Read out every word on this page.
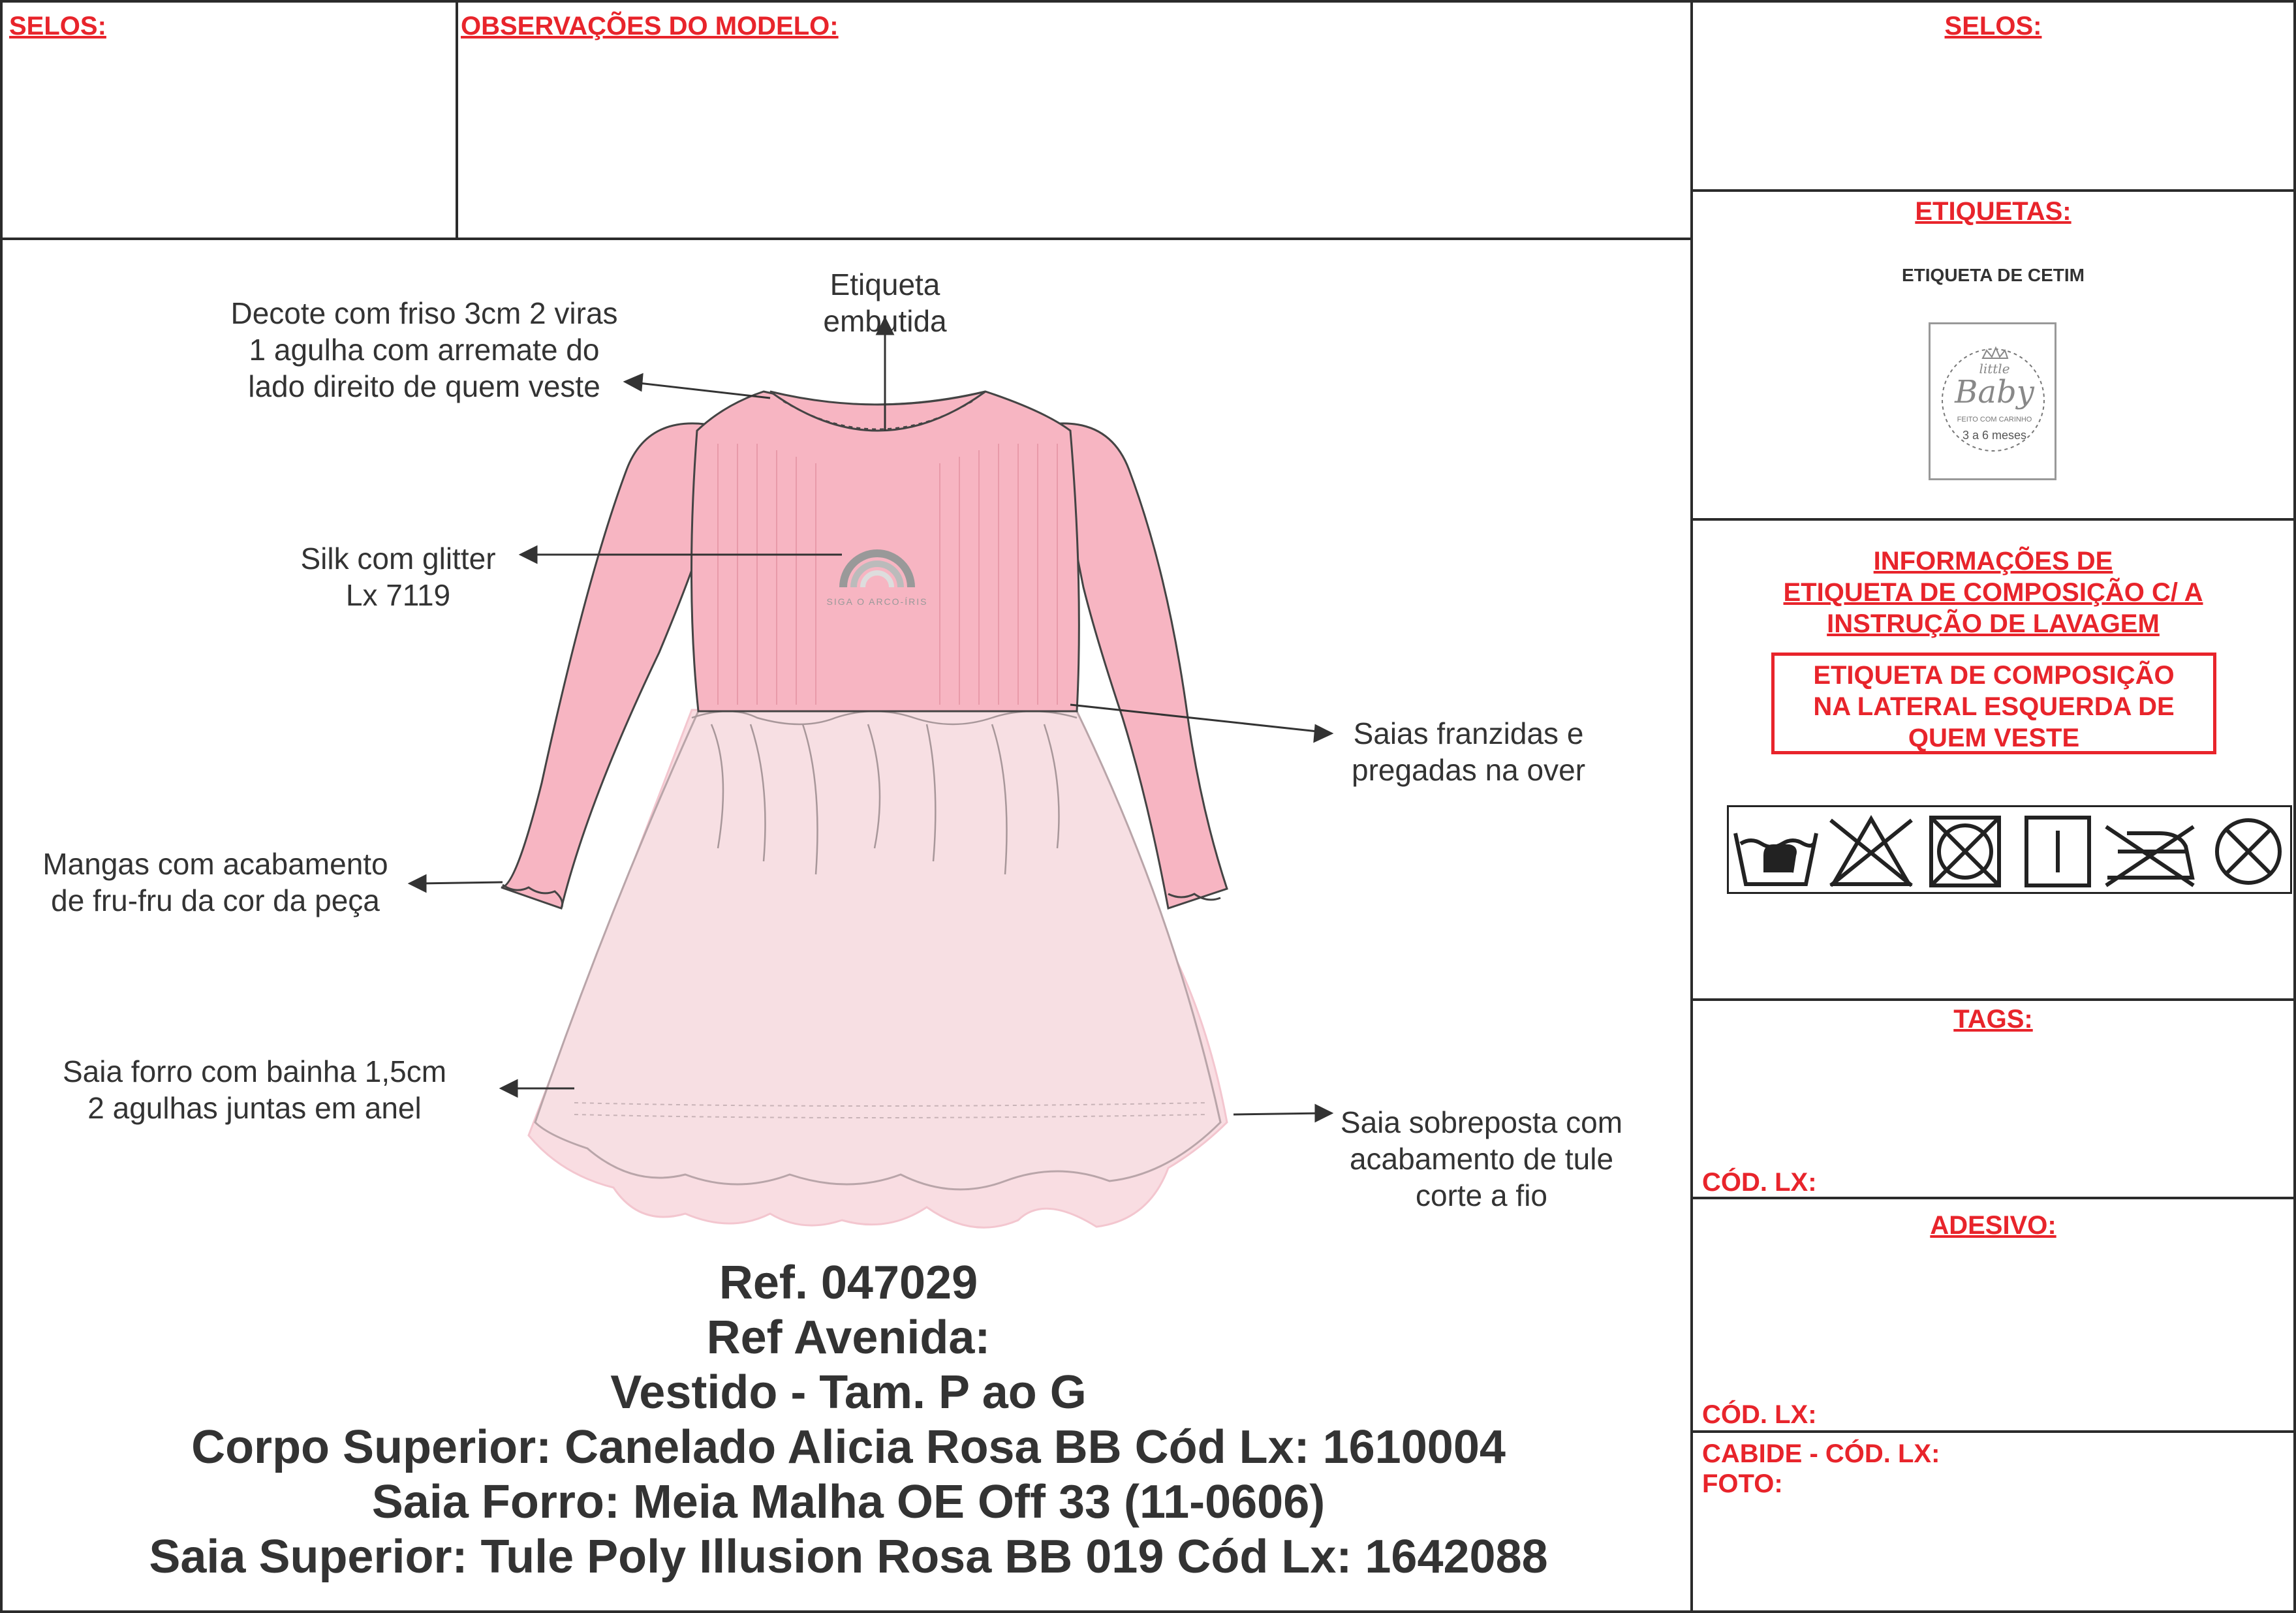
SELOS:	OBSERVAÇÕES DO MODELO:	SELOS:
ETIQUETAS:
ETIQUETA DE CETIM
little
Baby
FEITO COM CARINHO
3 a 6 meses
INFORMAÇÕES DE
ETIQUETA DE COMPOSIÇÃO C/ A
INSTRUÇÃO DE LAVAGEM
ETIQUETA DE COMPOSIÇÃO
NA LATERAL ESQUERDA DE
QUEM VESTE
TAGS:
CÓD. LX:
ADESIVO:
CÓD. LX:
CABIDE - CÓD. LX:
FOTO:
SIGA O ARCO-ÍRIS
Decote com friso 3cm 2 viras
1 agulha com arremate do
lado direito de quem veste
Etiqueta
embutida
Silk com glitter
Lx 7119
Saias franzidas e
pregadas na over
Mangas com acabamento
de fru-fru da cor da peça
Saia forro com bainha 1,5cm
2 agulhas juntas em anel	Saia sobreposta com
acabamento de tule
corte a fio
Ref. 047029
Ref Avenida:
Vestido - Tam. P ao G
Corpo Superior: Canelado Alicia Rosa BB Cód Lx: 1610004
Saia Forro: Meia Malha OE Off 33 (11-0606)
Saia Superior: Tule Poly Illusion Rosa BB 019 Cód Lx: 1642088
